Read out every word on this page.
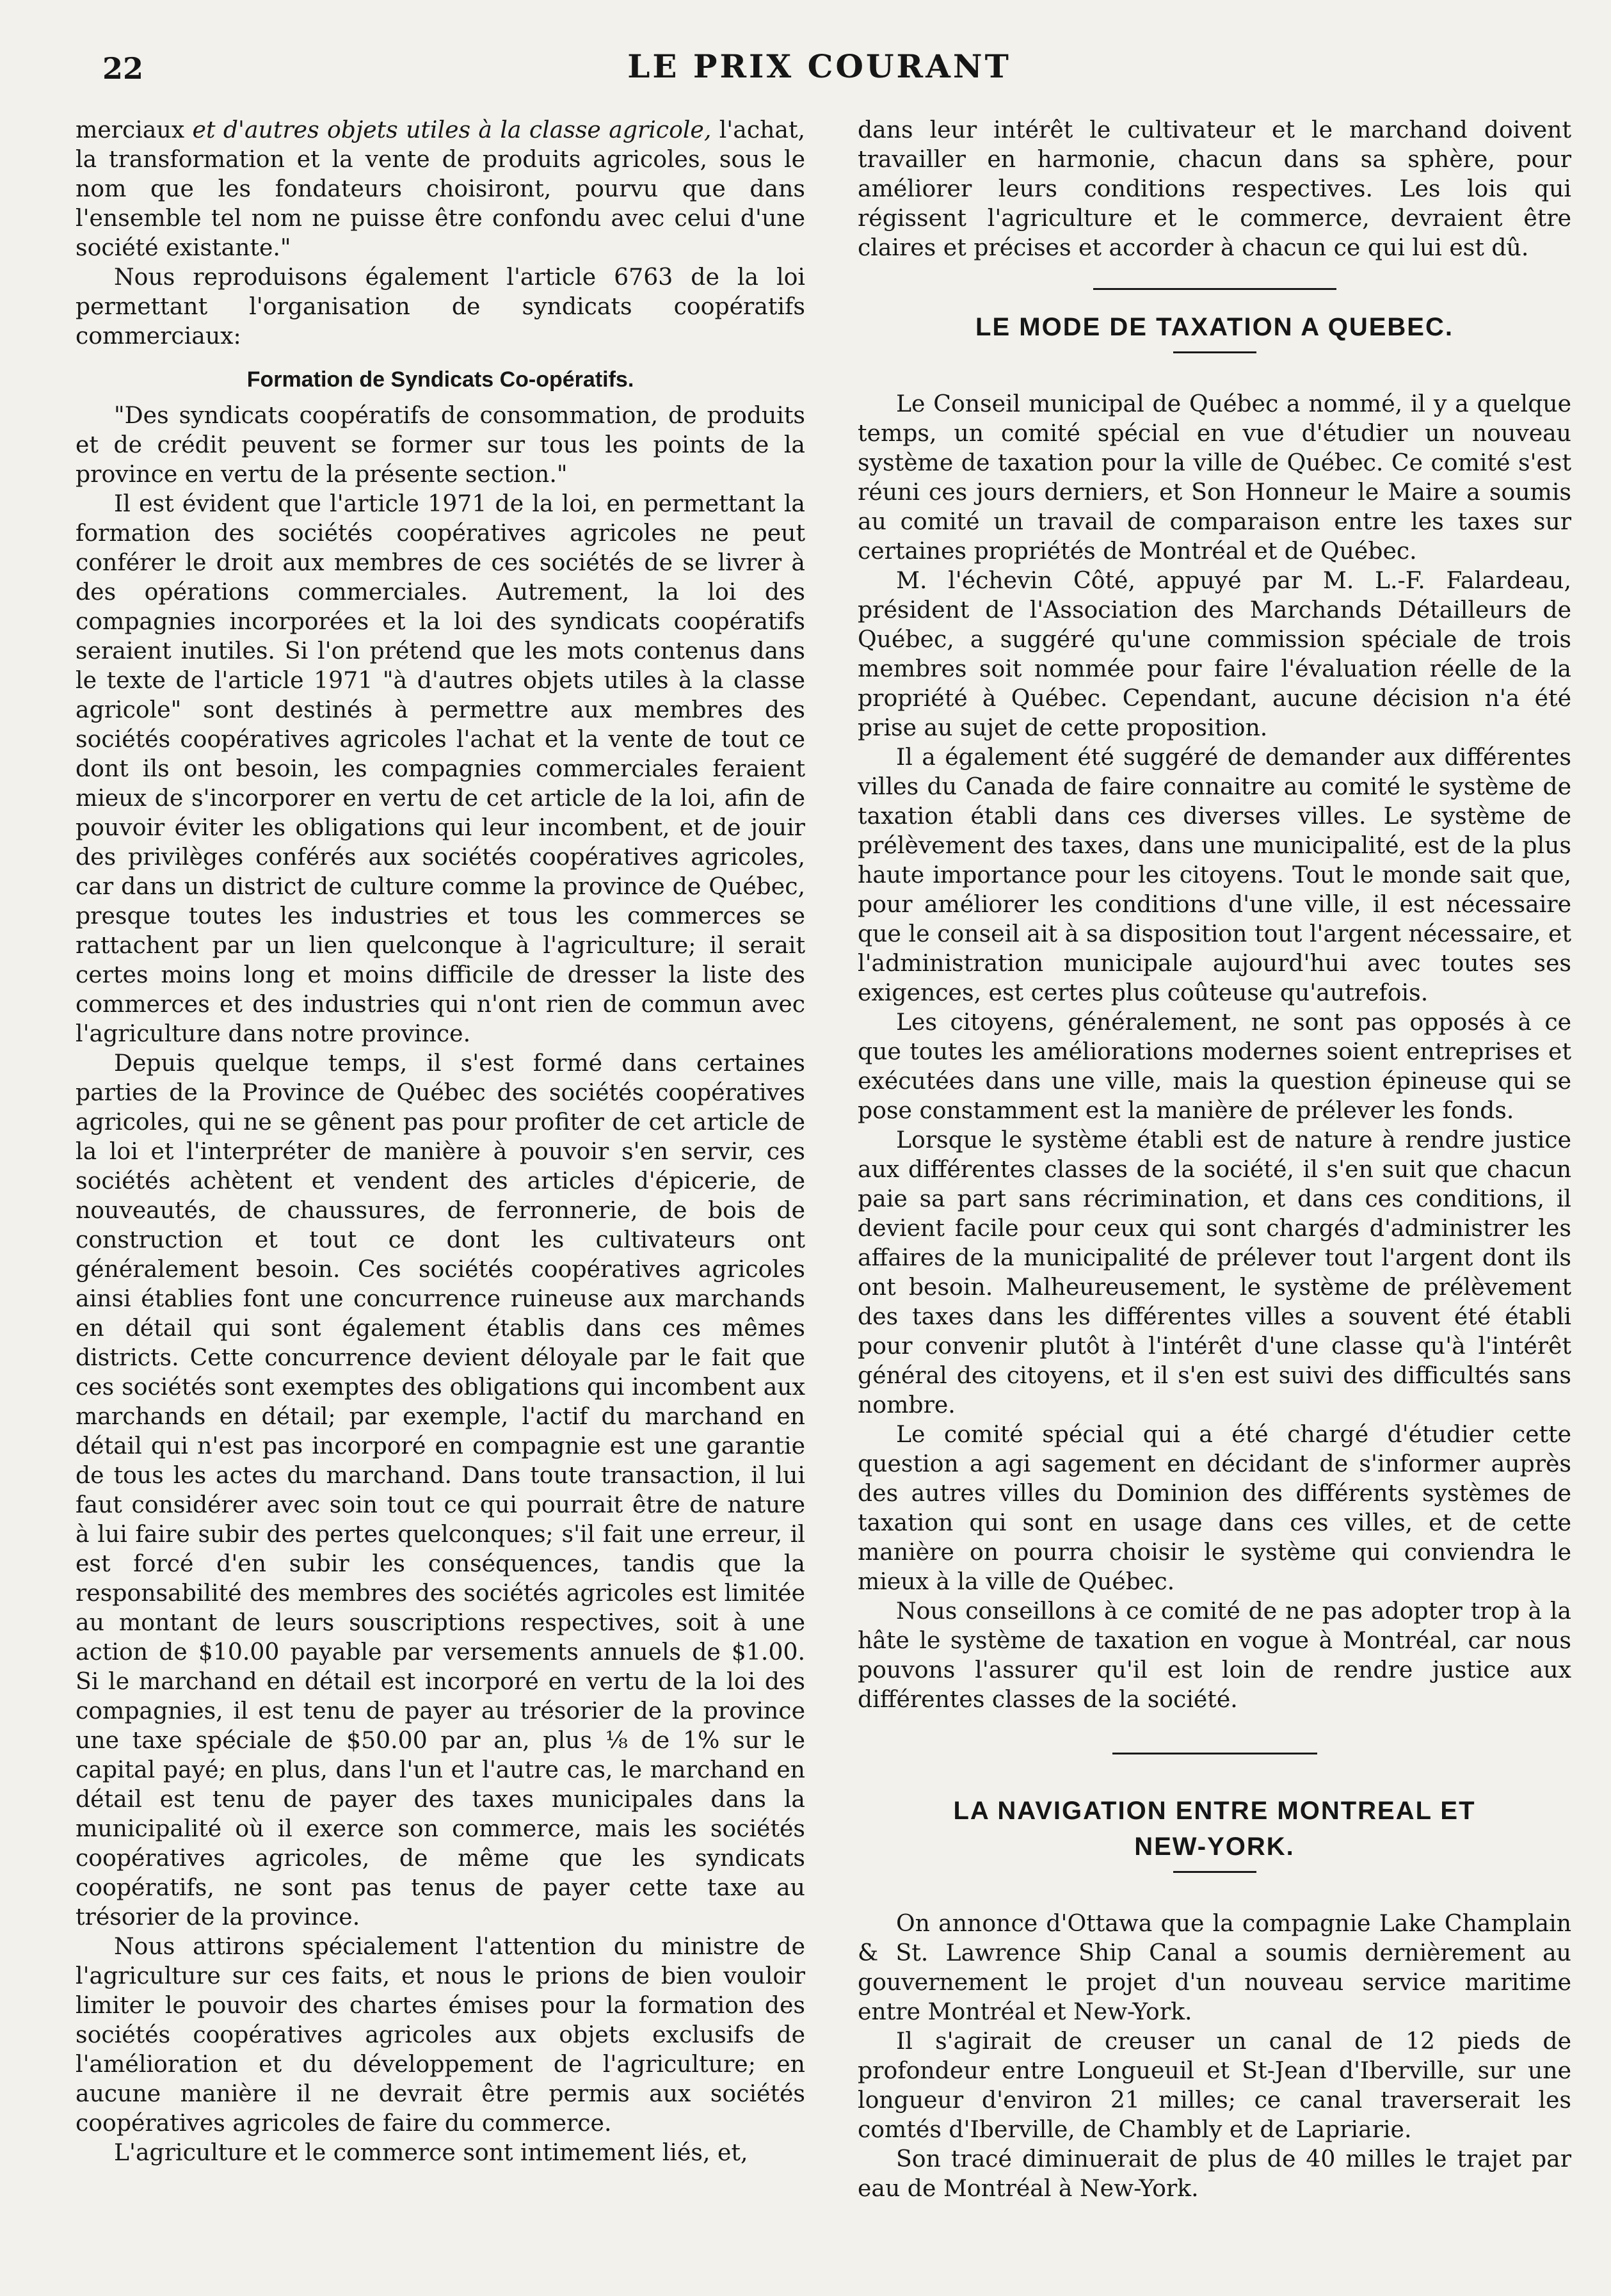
22	LE PRIX COURANT

merciaux et d'autres objets utiles à la classe agricole, l'achat, la transformation et la vente de produits agricoles, sous le nom que les fondateurs choisiront, pourvu que dans l'ensemble tel nom ne puisse être confondu avec celui d'une société existante."

Nous reproduisons également l'article 6763 de la loi permettant l'organisation de syndicats coopératifs commerciaux:

Formation de Syndicats Co-opératifs.

"Des syndicats coopératifs de consommation, de produits et de crédit peuvent se former sur tous les points de la province en vertu de la présente section."

Il est évident que l'article 1971 de la loi, en permettant la formation des sociétés coopératives agricoles ne peut conférer le droit aux membres de ces sociétés de se livrer à des opérations commerciales. Autrement, la loi des compagnies incorporées et la loi des syndicats coopératifs seraient inutiles. Si l'on prétend que les mots contenus dans le texte de l'article 1971 "à d'autres objets utiles à la classe agricole" sont destinés à permettre aux membres des sociétés coopératives agricoles l'achat et la vente de tout ce dont ils ont besoin, les compagnies commerciales feraient mieux de s'incorporer en vertu de cet article de la loi, afin de pouvoir éviter les obligations qui leur incombent, et de jouir des privilèges conférés aux sociétés coopératives agricoles, car dans un district de culture comme la province de Québec, presque toutes les industries et tous les commerces se rattachent par un lien quelconque à l'agriculture; il serait certes moins long et moins difficile de dresser la liste des commerces et des industries qui n'ont rien de commun avec l'agriculture dans notre province.

Depuis quelque temps, il s'est formé dans certaines parties de la Province de Québec des sociétés coopératives agricoles, qui ne se gênent pas pour profiter de cet article de la loi et l'interpréter de manière à pouvoir s'en servir, ces sociétés achètent et vendent des articles d'épicerie, de nouveautés, de chaussures, de ferronnerie, de bois de construction et tout ce dont les cultivateurs ont généralement besoin. Ces sociétés coopératives agricoles ainsi établies font une concurrence ruineuse aux marchands en détail qui sont également établis dans ces mêmes districts. Cette concurrence devient déloyale par le fait que ces sociétés sont exemptes des obligations qui incombent aux marchands en détail; par exemple, l'actif du marchand en détail qui n'est pas incorporé en compagnie est une garantie de tous les actes du marchand. Dans toute transaction, il lui faut considérer avec soin tout ce qui pourrait être de nature à lui faire subir des pertes quelconques; s'il fait une erreur, il est forcé d'en subir les conséquences, tandis que la responsabilité des membres des sociétés agricoles est limitée au montant de leurs souscriptions respectives, soit à une action de $10.00 payable par versements annuels de $1.00. Si le marchand en détail est incorporé en vertu de la loi des compagnies, il est tenu de payer au trésorier de la province une taxe spéciale de $50.00 par an, plus ⅛ de 1% sur le capital payé; en plus, dans l'un et l'autre cas, le marchand en détail est tenu de payer des taxes municipales dans la municipalité où il exerce son commerce, mais les sociétés coopératives agricoles, de même que les syndicats coopératifs, ne sont pas tenus de payer cette taxe au trésorier de la province.

Nous attirons spécialement l'attention du ministre de l'agriculture sur ces faits, et nous le prions de bien vouloir limiter le pouvoir des chartes émises pour la formation des sociétés coopératives agricoles aux objets exclusifs de l'amélioration et du développement de l'agriculture; en aucune manière il ne devrait être permis aux sociétés coopératives agricoles de faire du commerce.

L'agriculture et le commerce sont intimement liés, et,

dans leur intérêt le cultivateur et le marchand doivent travailler en harmonie, chacun dans sa sphère, pour améliorer leurs conditions respectives. Les lois qui régissent l'agriculture et le commerce, devraient être claires et précises et accorder à chacun ce qui lui est dû.

LE MODE DE TAXATION A QUEBEC.

Le Conseil municipal de Québec a nommé, il y a quelque temps, un comité spécial en vue d'étudier un nouveau système de taxation pour la ville de Québec. Ce comité s'est réuni ces jours derniers, et Son Honneur le Maire a soumis au comité un travail de comparaison entre les taxes sur certaines propriétés de Montréal et de Québec.

M. l'échevin Côté, appuyé par M. L.-F. Falardeau, président de l'Association des Marchands Détailleurs de Québec, a suggéré qu'une commission spéciale de trois membres soit nommée pour faire l'évaluation réelle de la propriété à Québec. Cependant, aucune décision n'a été prise au sujet de cette proposition.

Il a également été suggéré de demander aux différentes villes du Canada de faire connaitre au comité le système de taxation établi dans ces diverses villes. Le système de prélèvement des taxes, dans une municipalité, est de la plus haute importance pour les citoyens. Tout le monde sait que, pour améliorer les conditions d'une ville, il est nécessaire que le conseil ait à sa disposition tout l'argent nécessaire, et l'administration municipale aujourd'hui avec toutes ses exigences, est certes plus coûteuse qu'autrefois.

Les citoyens, généralement, ne sont pas opposés à ce que toutes les améliorations modernes soient entreprises et exécutées dans une ville, mais la question épineuse qui se pose constamment est la manière de prélever les fonds.

Lorsque le système établi est de nature à rendre justice aux différentes classes de la société, il s'en suit que chacun paie sa part sans récrimination, et dans ces conditions, il devient facile pour ceux qui sont chargés d'administrer les affaires de la municipalité de prélever tout l'argent dont ils ont besoin. Malheureusement, le système de prélèvement des taxes dans les différentes villes a souvent été établi pour convenir plutôt à l'intérêt d'une classe qu'à l'intérêt général des citoyens, et il s'en est suivi des difficultés sans nombre.

Le comité spécial qui a été chargé d'étudier cette question a agi sagement en décidant de s'informer auprès des autres villes du Dominion des différents systèmes de taxation qui sont en usage dans ces villes, et de cette manière on pourra choisir le système qui conviendra le mieux à la ville de Québec.

Nous conseillons à ce comité de ne pas adopter trop à la hâte le système de taxation en vogue à Montréal, car nous pouvons l'assurer qu'il est loin de rendre justice aux différentes classes de la société.

LA NAVIGATION ENTRE MONTREAL ET
NEW-YORK.

On annonce d'Ottawa que la compagnie Lake Champlain & St. Lawrence Ship Canal a soumis dernièrement au gouvernement le projet d'un nouveau service maritime entre Montréal et New-York.

Il s'agirait de creuser un canal de 12 pieds de profondeur entre Longueuil et St-Jean d'Iberville, sur une longueur d'environ 21 milles; ce canal traverserait les comtés d'Iberville, de Chambly et de Lapriarie.

Son tracé diminuerait de plus de 40 milles le trajet par eau de Montréal à New-York.
